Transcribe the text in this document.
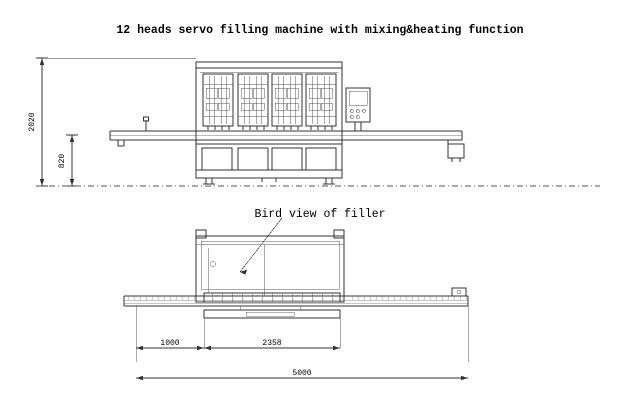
12 heads servo filling machine with mixing&heating function
Bird view of filler
2020
820
1000	2358
5000
